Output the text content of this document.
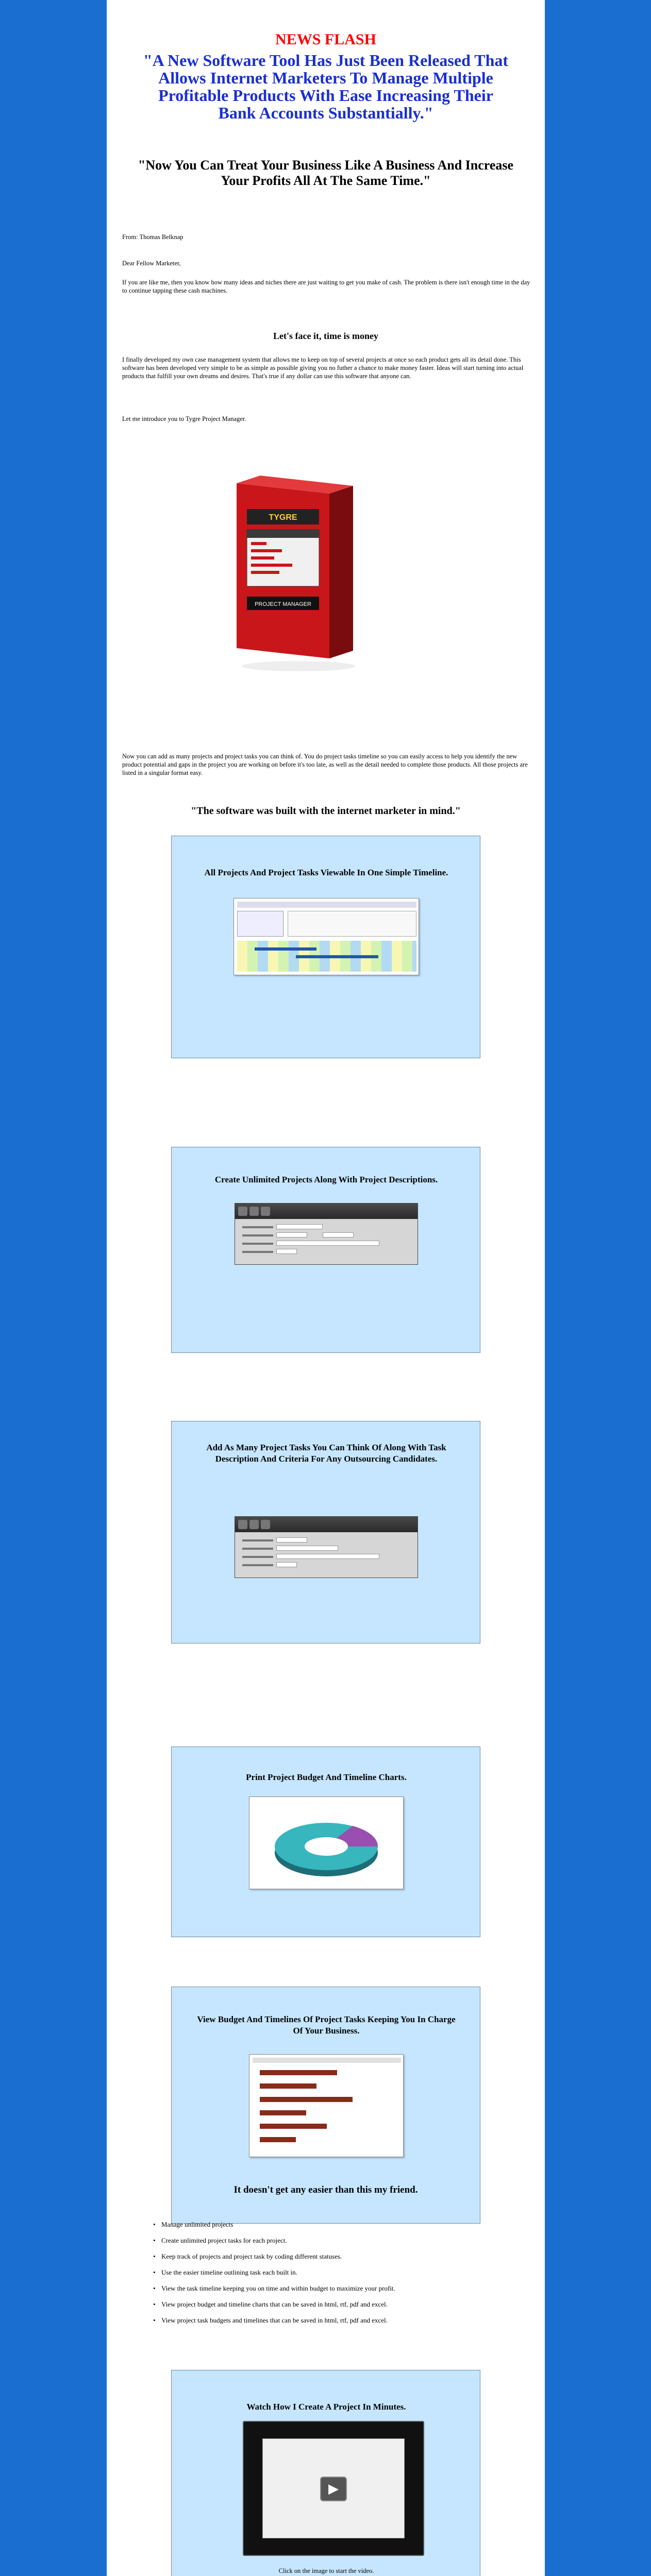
NEWS FLASH
"A New Software Tool Has Just Been Released That Allows Internet Marketers To Manage Multiple Profitable Products With Ease Increasing Their Bank Accounts Substantially."
"Now You Can Treat Your Business Like A Business And Increase Your Profits All At The Same Time."
From: Thomas Belknap
Dear Fellow Marketer,
If you are like me, then you know how many ideas and niches there are just waiting to get you make of cash. The problem is there isn't enough time in the day to continue tapping these cash machines.
Let's face it, time is money
I finally developed my own case management system that allows me to keep on top of several projects at once so each product gets all its detail done. This software has been developed very simple to be as simple as possible giving you no futher a chance to make money faster. Ideas will start turning into actual products that fulfill your own dreams and desires. That's true if any dollar can use this software that anyone can.
Let me introduce you to Tygre Project Manager.
TYGRE
PROJECT MANAGER
Now you can add as many projects and project tasks you can think of. You do project tasks timeline so you can easily access to help you identify the new product potential and gaps in the project you are working on before it's too late, as well as the detail needed to complete those products. All those projects are listed in a singular format easy.
"The software was built with the internet marketer in mind."
All Projects And Project Tasks Viewable In One Simple Timeline.
Create Unlimited Projects Along With Project Descriptions.
Add As Many Project Tasks You Can Think Of Along With Task Description And Criteria For Any Outsourcing Candidates.
Print Project Budget And Timeline Charts.
View Budget And Timelines Of Project Tasks Keeping You In Charge Of Your Business.
It doesn't get any easier than this my friend.
• Manage unlimited projects
• Create unlimited project tasks for each project.
• Keep track of projects and project task by coding different statuses.
• Use the easier timeline outlining task each built in.
• View the task timeline keeping you on time and within budget to maximize your profit.
• View project budget and timeline charts that can be saved in html, rtf, pdf and excel.
• View project task budgets and timelines that can be saved in html, rtf, pdf and excel.
Watch How I Create A Project In Minutes.
▶
Click on the image to start the video.
